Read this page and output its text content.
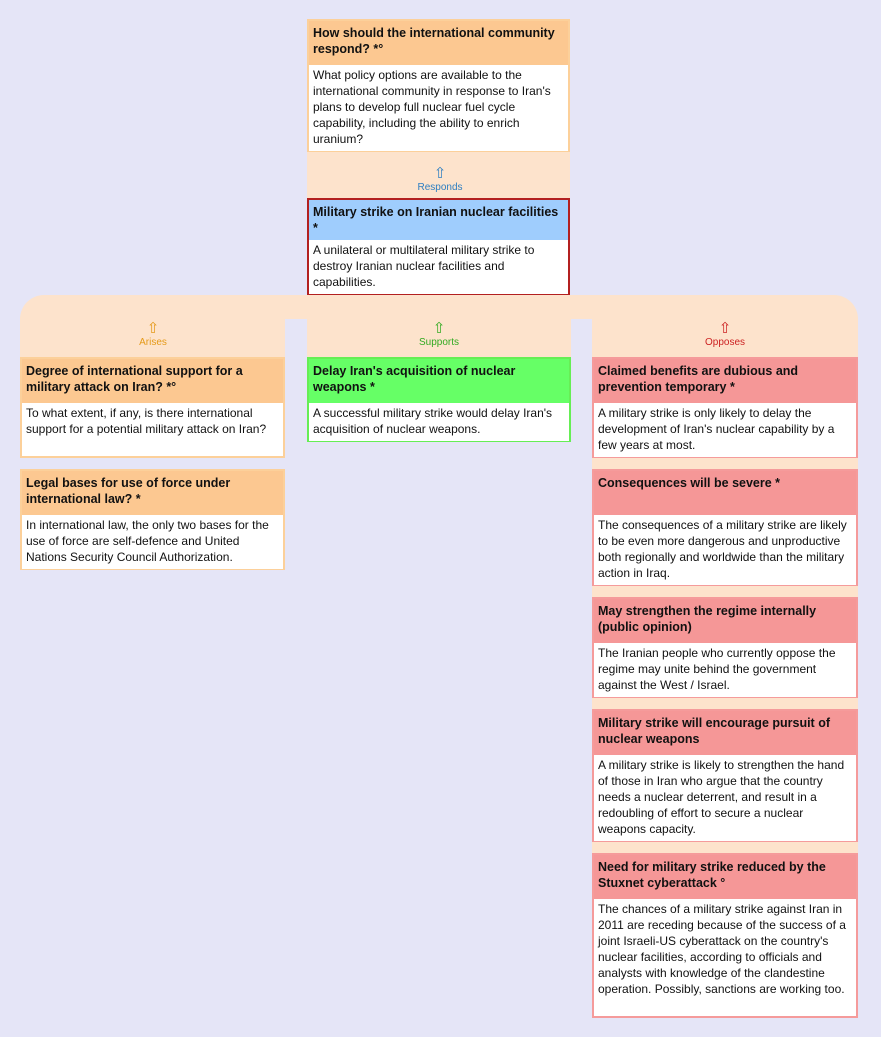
How should the international community respond? *°
What policy options are available to the international community in response to Iran's plans to develop full nuclear fuel cycle capability, including the ability to enrich uranium?
⇧
Responds
Military strike on Iranian nuclear facilities *
A unilateral or multilateral military strike to destroy Iranian nuclear facilities and capabilities.
⇧
Arises
⇧
Supports
⇧
Opposes
Degree of international support for a military attack on Iran? *°
To what extent, if any, is there international support for a potential military attack on Iran?
Legal bases for use of force under international law? *
In international law, the only two bases for the use of force are self-defence and United Nations Security Council Authorization.
Delay Iran's acquisition of nuclear weapons *
A successful military strike would delay Iran's acquisition of nuclear weapons.
Claimed benefits are dubious and prevention temporary *
A military strike is only likely to delay the development of Iran's nuclear capability by a few years at most.
Consequences will be severe *
The consequences of a military strike are likely to be even more dangerous and unproductive both regionally and worldwide than the military action in Iraq.
May strengthen the regime internally (public opinion)
The Iranian people who currently oppose the regime may unite behind the government against the West / Israel.
Military strike will encourage pursuit of nuclear weapons
A military strike is likely to strengthen the hand of those in Iran who argue that the country needs a nuclear deterrent, and result in a redoubling of effort to secure a nuclear weapons capacity.
Need for military strike reduced by the Stuxnet cyberattack °
The chances of a military strike against Iran in 2011 are receding because of the success of a joint Israeli-US cyberattack on the country's nuclear facilities, according to officials and analysts with knowledge of the clandestine operation. Possibly, sanctions are working too.
